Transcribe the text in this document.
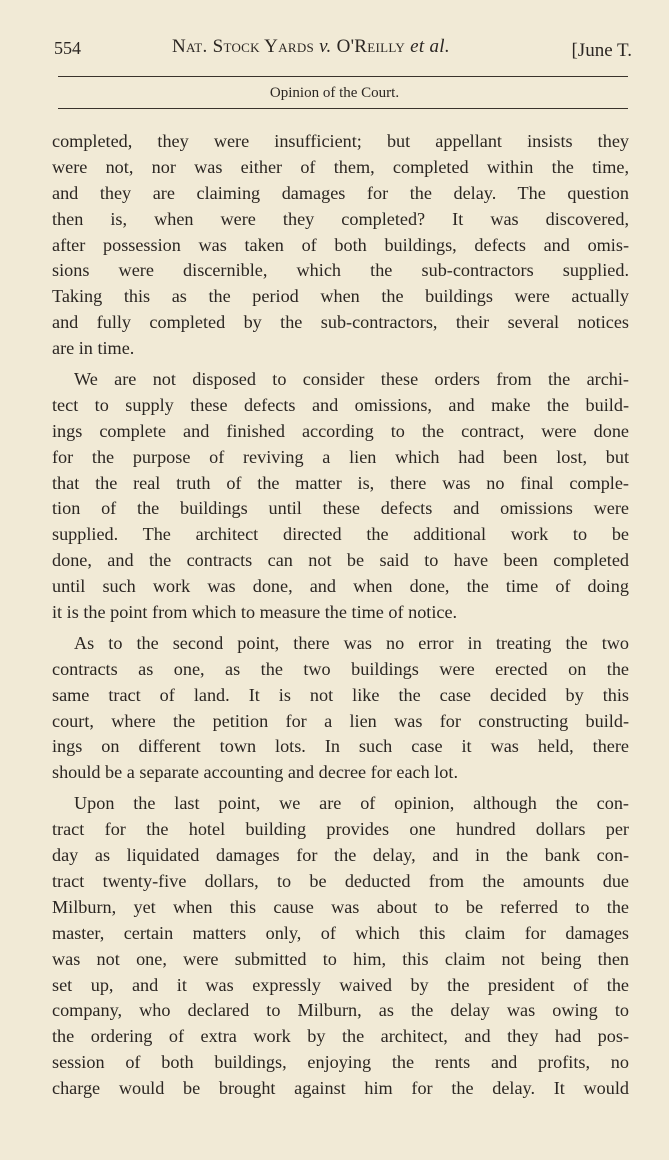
554	Nat. Stock Yards v. O'Reilly et al.	[June T.
Opinion of the Court.
completed, they were insufficient; but appellant insists they
were not, nor was either of them, completed within the time,
and they are claiming damages for the delay. The question
then is, when were they completed? It was discovered,
after possession was taken of both buildings, defects and omis-
sions were discernible, which the sub-contractors supplied.
Taking this as the period when the buildings were actually
and fully completed by the sub-contractors, their several notices
are in time.
We are not disposed to consider these orders from the archi-
tect to supply these defects and omissions, and make the build-
ings complete and finished according to the contract, were done
for the purpose of reviving a lien which had been lost, but
that the real truth of the matter is, there was no final comple-
tion of the buildings until these defects and omissions were
supplied. The architect directed the additional work to be
done, and the contracts can not be said to have been completed
until such work was done, and when done, the time of doing
it is the point from which to measure the time of notice.
As to the second point, there was no error in treating the two
contracts as one, as the two buildings were erected on the
same tract of land. It is not like the case decided by this
court, where the petition for a lien was for constructing build-
ings on different town lots. In such case it was held, there
should be a separate accounting and decree for each lot.
Upon the last point, we are of opinion, although the con-
tract for the hotel building provides one hundred dollars per
day as liquidated damages for the delay, and in the bank con-
tract twenty-five dollars, to be deducted from the amounts due
Milburn, yet when this cause was about to be referred to the
master, certain matters only, of which this claim for damages
was not one, were submitted to him, this claim not being then
set up, and it was expressly waived by the president of the
company, who declared to Milburn, as the delay was owing to
the ordering of extra work by the architect, and they had pos-
session of both buildings, enjoying the rents and profits, no
charge would be brought against him for the delay. It would
